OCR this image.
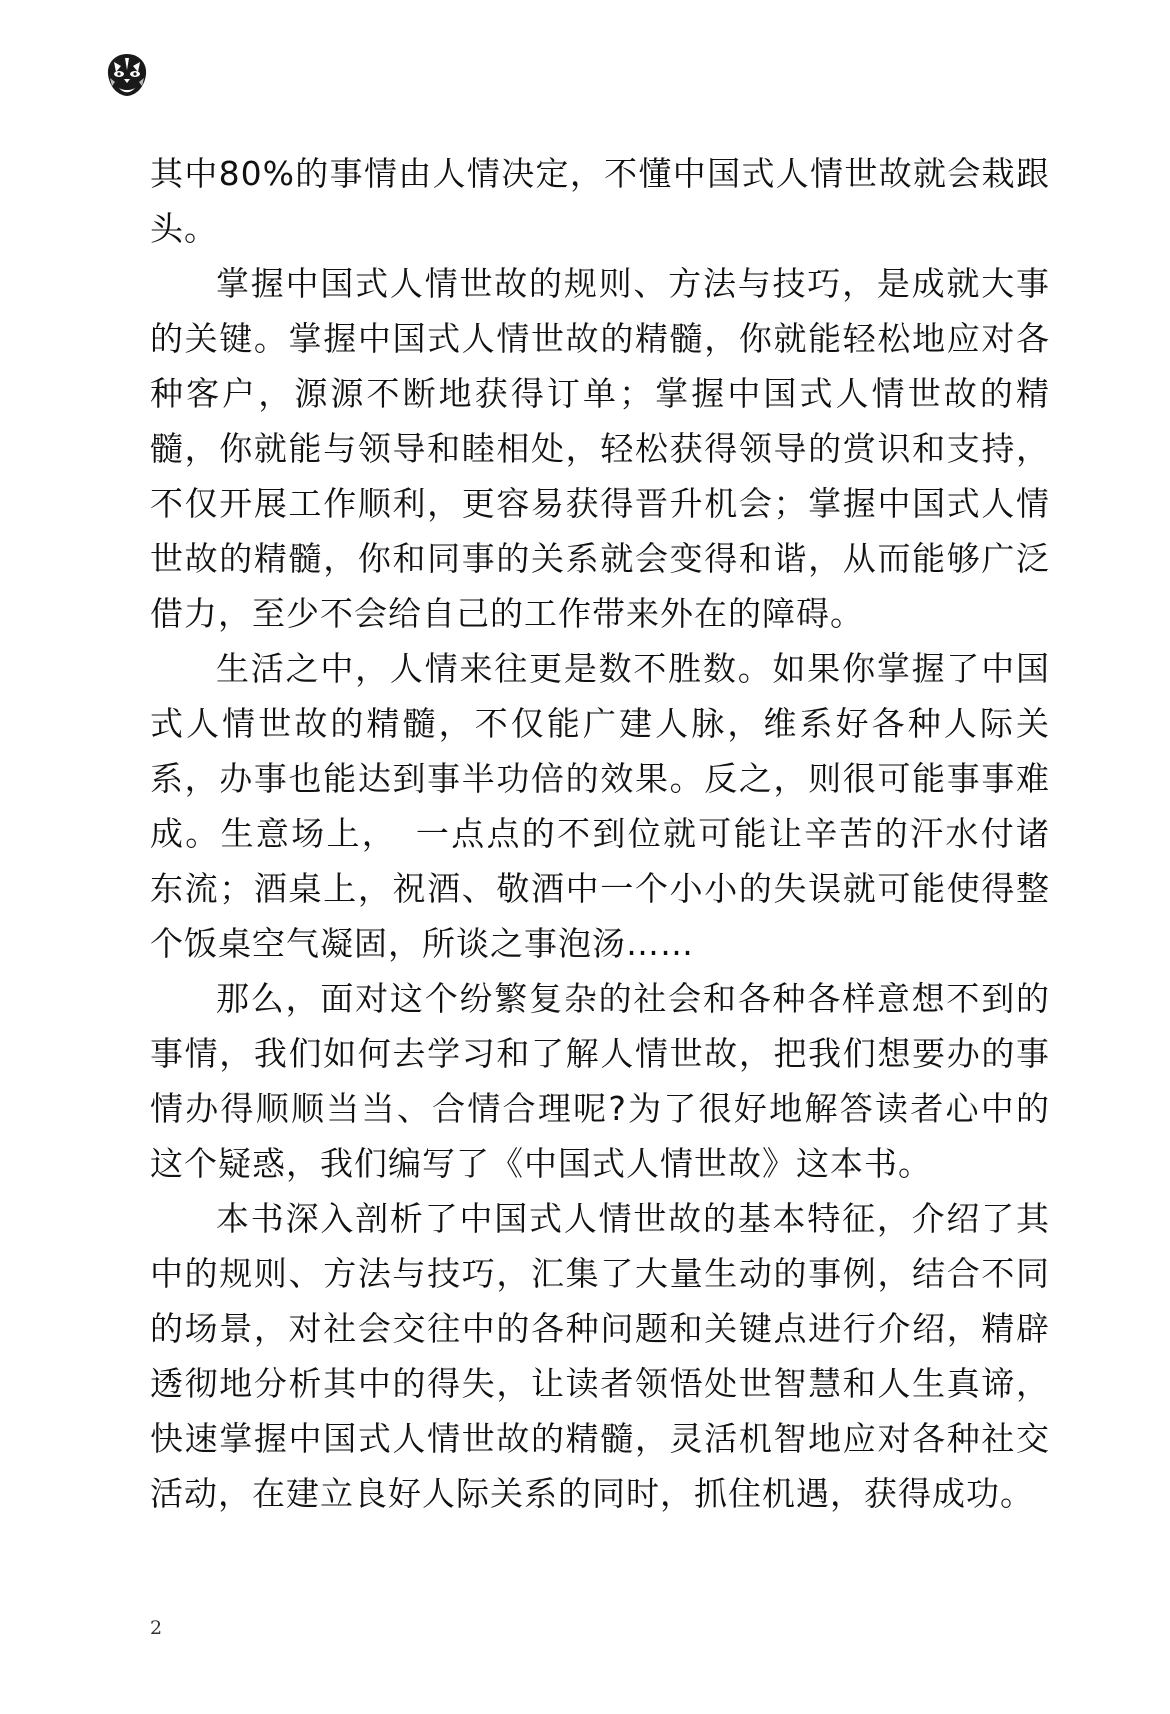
其中80%的事情由人情决定，不懂中国式人情世故就会栽跟头。

掌握中国式人情世故的规则、方法与技巧，是成就大事的关键。掌握中国式人情世故的精髓，你就能轻松地应对各种客户，源源不断地获得订单；掌握中国式人情世故的精髓，你就能与领导和睦相处，轻松获得领导的赏识和支持，不仅开展工作顺利，更容易获得晋升机会；掌握中国式人情世故的精髓，你和同事的关系就会变得和谐，从而能够广泛借力，至少不会给自己的工作带来外在的障碍。

生活之中，人情来往更是数不胜数。如果你掌握了中国式人情世故的精髓，不仅能广建人脉，维系好各种人际关系，办事也能达到事半功倍的效果。反之，则很可能事事难成。生意场上，　一点点的不到位就可能让辛苦的汗水付诸东流；酒桌上，祝酒、敬酒中一个小小的失误就可能使得整个饭桌空气凝固，所谈之事泡汤……

那么，面对这个纷繁复杂的社会和各种各样意想不到的事情，我们如何去学习和了解人情世故，把我们想要办的事情办得顺顺当当、合情合理呢?为了很好地解答读者心中的这个疑惑，我们编写了《中国式人情世故》这本书。

本书深入剖析了中国式人情世故的基本特征，介绍了其中的规则、方法与技巧，汇集了大量生动的事例，结合不同的场景，对社会交往中的各种问题和关键点进行介绍，精辟透彻地分析其中的得失，让读者领悟处世智慧和人生真谛，快速掌握中国式人情世故的精髓，灵活机智地应对各种社交活动，在建立良好人际关系的同时，抓住机遇，获得成功。

2
